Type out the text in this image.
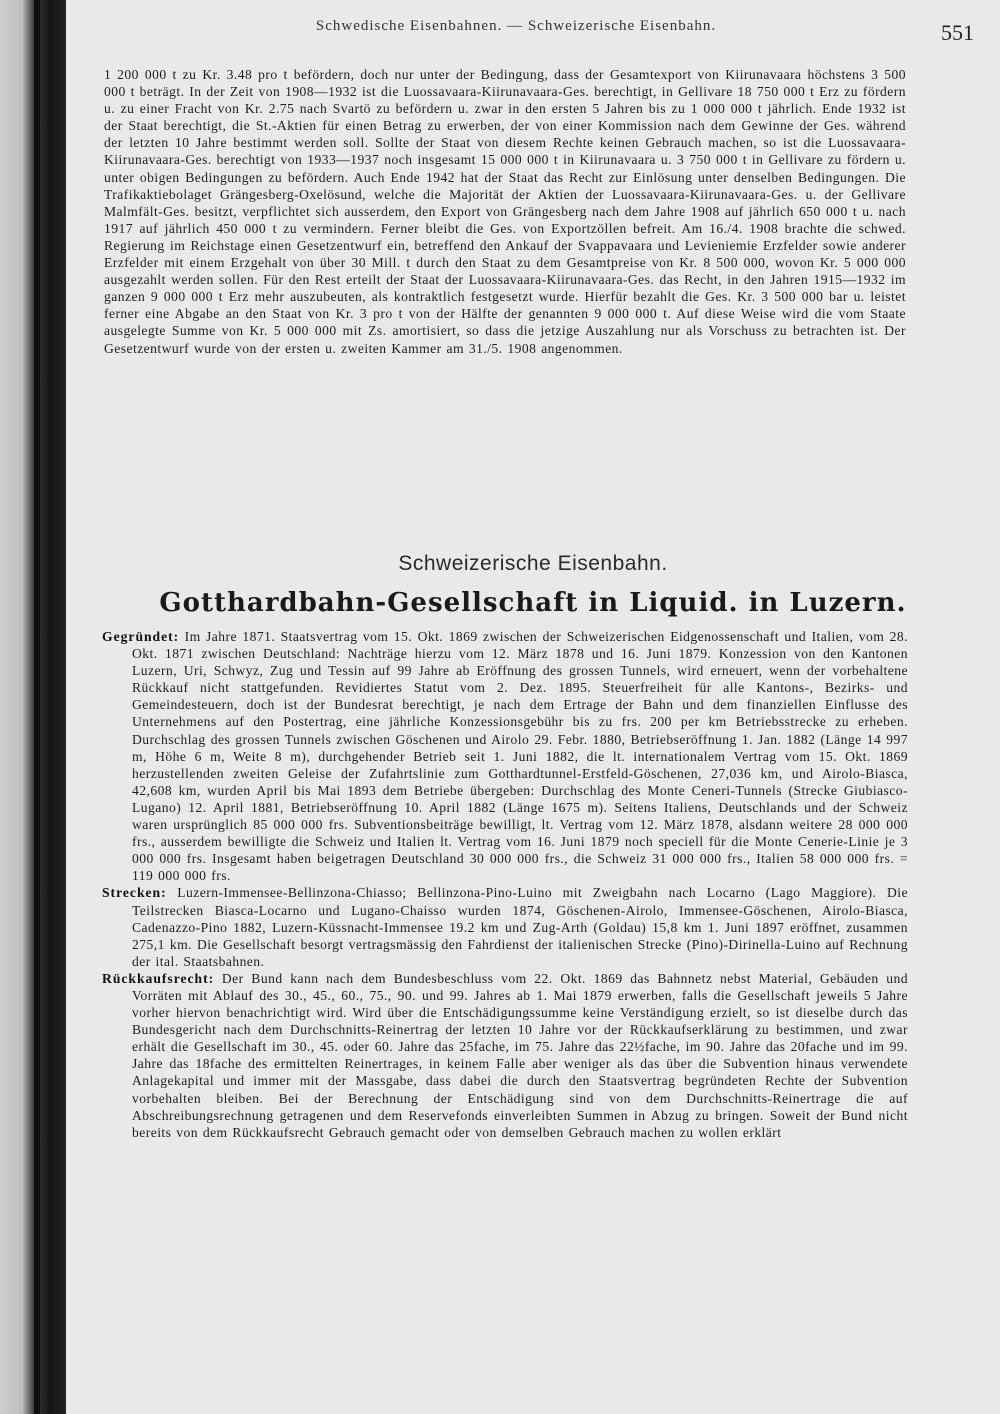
Schwedische Eisenbahnen. — Schweizerische Eisenbahn.	551
1 200 000 t zu Kr. 3.48 pro t befördern, doch nur unter der Bedingung, dass der Gesamtexport von Kiirunavaara höchstens 3 500 000 t beträgt. In der Zeit von 1908—1932 ist die Luossavaara-Kiirunavaara-Ges. berechtigt, in Gellivare 18 750 000 t Erz zu fördern u. zu einer Fracht von Kr. 2.75 nach Svartö zu befördern u. zwar in den ersten 5 Jahren bis zu 1 000 000 t jährlich. Ende 1932 ist der Staat berechtigt, die St.-Aktien für einen Betrag zu erwerben, der von einer Kommission nach dem Gewinne der Ges. während der letzten 10 Jahre bestimmt werden soll. Sollte der Staat von diesem Rechte keinen Gebrauch machen, so ist die Luossavaara-Kiirunavaara-Ges. berechtigt von 1933—1937 noch insgesamt 15 000 000 t in Kiirunavaara u. 3 750 000 t in Gellivare zu fördern u. unter obigen Bedingungen zu befördern. Auch Ende 1942 hat der Staat das Recht zur Einlösung unter denselben Bedingungen. Die Trafikaktiebolaget Grängesberg-Oxelösund, welche die Majorität der Aktien der Luossavaara-Kiirunavaara-Ges. u. der Gellivare Malmfält-Ges. besitzt, verpflichtet sich ausserdem, den Export von Grängesberg nach dem Jahre 1908 auf jährlich 650 000 t u. nach 1917 auf jährlich 450 000 t zu vermindern. Ferner bleibt die Ges. von Exportzöllen befreit. Am 16./4. 1908 brachte die schwed. Regierung im Reichstage einen Gesetzentwurf ein, betreffend den Ankauf der Svappavaara und Levieniemie Erzfelder sowie anderer Erzfelder mit einem Erzgehalt von über 30 Mill. t durch den Staat zu dem Gesamtpreise von Kr. 8 500 000, wovon Kr. 5 000 000 ausgezahlt werden sollen. Für den Rest erteilt der Staat der Luossavaara-Kiirunavaara-Ges. das Recht, in den Jahren 1915—1932 im ganzen 9 000 000 t Erz mehr auszubeuten, als kontraktlich festgesetzt wurde. Hierfür bezahlt die Ges. Kr. 3 500 000 bar u. leistet ferner eine Abgabe an den Staat von Kr. 3 pro t von der Hälfte der genannten 9 000 000 t. Auf diese Weise wird die vom Staate ausgelegte Summe von Kr. 5 000 000 mit Zs. amortisiert, so dass die jetzige Auszahlung nur als Vorschuss zu betrachten ist. Der Gesetzentwurf wurde von der ersten u. zweiten Kammer am 31./5. 1908 angenommen.
Schweizerische Eisenbahn.
Gotthardbahn-Gesellschaft in Liquid. in Luzern.

Gegründet: Im Jahre 1871. Staatsvertrag vom 15. Okt. 1869 zwischen der Schweizerischen Eidgenossenschaft und Italien, vom 28. Okt. 1871 zwischen Deutschland: Nachträge hierzu vom 12. März 1878 und 16. Juni 1879. Konzession von den Kantonen Luzern, Uri, Schwyz, Zug und Tessin auf 99 Jahre ab Eröffnung des grossen Tunnels, wird erneuert, wenn der vorbehaltene Rückkauf nicht stattgefunden. Revidiertes Statut vom 2. Dez. 1895. Steuerfreiheit für alle Kantons-, Bezirks- und Gemeindesteuern, doch ist der Bundesrat berechtigt, je nach dem Ertrage der Bahn und dem finanziellen Einflusse des Unternehmens auf den Postertrag, eine jährliche Konzessionsgebühr bis zu frs. 200 per km Betriebsstrecke zu erheben. Durchschlag des grossen Tunnels zwischen Göschenen und Airolo 29. Febr. 1880, Betriebseröffnung 1. Jan. 1882 (Länge 14 997 m, Höhe 6 m, Weite 8 m), durchgehender Betrieb seit 1. Juni 1882, die lt. internationalem Vertrag vom 15. Okt. 1869 herzustellenden zweiten Geleise der Zufahrtslinie zum Gotthardtunnel-Erstfeld-Göschenen, 27,036 km, und Airolo-Biasca, 42,608 km, wurden April bis Mai 1893 dem Betriebe übergeben: Durchschlag des Monte Ceneri-Tunnels (Strecke Giubiasco-Lugano) 12. April 1881, Betriebseröffnung 10. April 1882 (Länge 1675 m). Seitens Italiens, Deutschlands und der Schweiz waren ursprünglich 85 000 000 frs. Subventionsbeiträge bewilligt, lt. Vertrag vom 12. März 1878, alsdann weitere 28 000 000 frs., ausserdem bewilligte die Schweiz und Italien lt. Vertrag vom 16. Juni 1879 noch speciell für die Monte Cenerie-Linie je 3 000 000 frs. Insgesamt haben beigetragen Deutschland 30 000 000 frs., die Schweiz 31 000 000 frs., Italien 58 000 000 frs. = 119 000 000 frs.

Strecken: Luzern-Immensee-Bellinzona-Chiasso; Bellinzona-Pino-Luino mit Zweigbahn nach Locarno (Lago Maggiore). Die Teilstrecken Biasca-Locarno und Lugano-Chaisso wurden 1874, Göschenen-Airolo, Immensee-Göschenen, Airolo-Biasca, Cadenazzo-Pino 1882, Luzern-Küssnacht-Immensee 19.2 km und Zug-Arth (Goldau) 15,8 km 1. Juni 1897 eröffnet, zusammen 275,1 km. Die Gesellschaft besorgt vertragsmässig den Fahrdienst der italienischen Strecke (Pino)-Dirinella-Luino auf Rechnung der ital. Staatsbahnen.

Rückkaufsrecht: Der Bund kann nach dem Bundesbeschluss vom 22. Okt. 1869 das Bahnnetz nebst Material, Gebäuden und Vorräten mit Ablauf des 30., 45., 60., 75., 90. und 99. Jahres ab 1. Mai 1879 erwerben, falls die Gesellschaft jeweils 5 Jahre vorher hiervon benachrichtigt wird. Wird über die Entschädigungssumme keine Verständigung erzielt, so ist dieselbe durch das Bundesgericht nach dem Durchschnitts-Reinertrag der letzten 10 Jahre vor der Rückkaufserklärung zu bestimmen, und zwar erhält die Gesellschaft im 30., 45. oder 60. Jahre das 25fache, im 75. Jahre das 22½fache, im 90. Jahre das 20fache und im 99. Jahre das 18fache des ermittelten Reinertrages, in keinem Falle aber weniger als das über die Subvention hinaus verwendete Anlagekapital und immer mit der Massgabe, dass dabei die durch den Staatsvertrag begründeten Rechte der Subvention vorbehalten bleiben. Bei der Berechnung der Entschädigung sind von dem Durchschnitts-Reinertrage die auf Abschreibungsrechnung getragenen und dem Reservefonds einverleibten Summen in Abzug zu bringen. Soweit der Bund nicht bereits von dem Rückkaufsrecht Gebrauch gemacht oder von demselben Gebrauch machen zu wollen erklärt
